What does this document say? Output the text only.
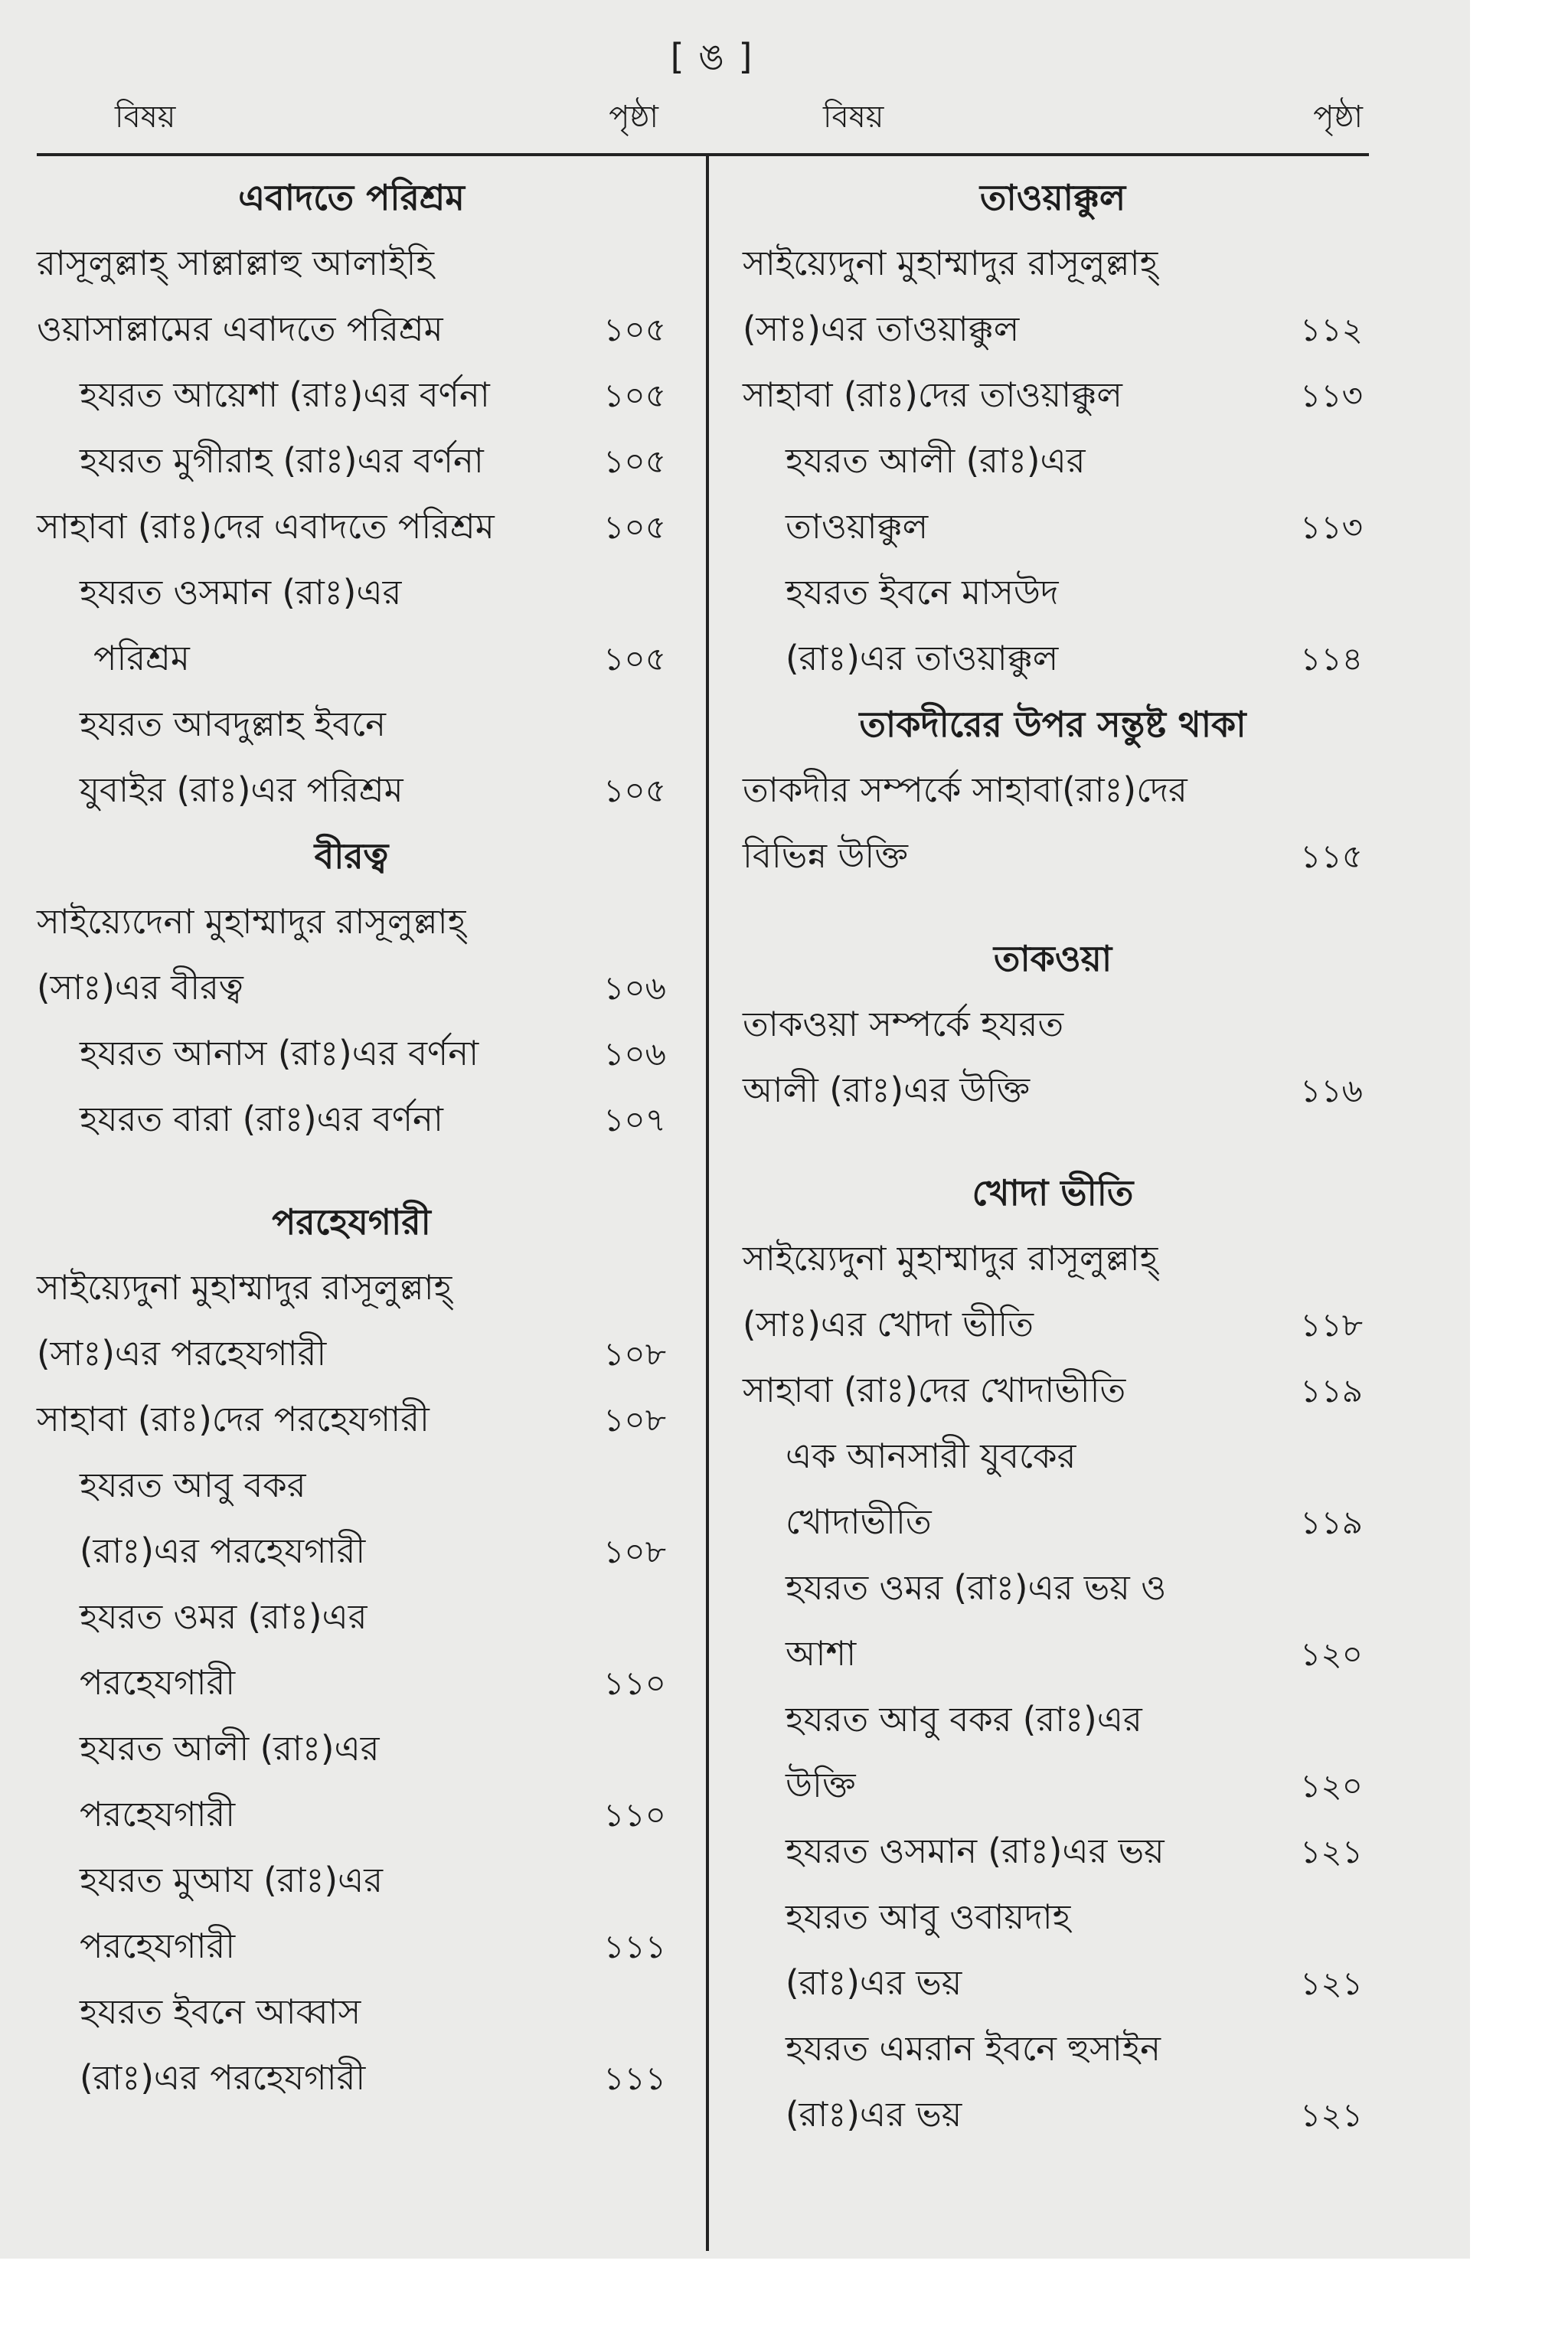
[ ঙ ]
বিষয়	পৃষ্ঠা	বিষয়	পৃষ্ঠা
এবাদতে পরিশ্রম
রাসূলুল্লাহ্ সাল্লাল্লাহু আলাইহি
ওয়াসাল্লামের এবাদতে পরিশ্রম	১০৫
হযরত আয়েশা (রাঃ)এর বর্ণনা	১০৫
হযরত মুগীরাহ (রাঃ)এর বর্ণনা	১০৫
সাহাবা (রাঃ)দের এবাদতে পরিশ্রম	১০৫
হযরত ওসমান (রাঃ)এর
পরিশ্রম	১০৫
হযরত আবদুল্লাহ ইবনে
যুবাইর (রাঃ)এর পরিশ্রম	১০৫
বীরত্ব
সাইয়্যেদেনা মুহাম্মাদুর রাসূলুল্লাহ্
(সাঃ)এর বীরত্ব	১০৬
হযরত আনাস (রাঃ)এর বর্ণনা	১০৬
হযরত বারা (রাঃ)এর বর্ণনা	১০৭
পরহেযগারী
সাইয়্যেদুনা মুহাম্মাদুর রাসূলুল্লাহ্
(সাঃ)এর পরহেযগারী	১০৮
সাহাবা (রাঃ)দের পরহেযগারী	১০৮
হযরত আবু বকর
(রাঃ)এর পরহেযগারী	১০৮
হযরত ওমর (রাঃ)এর
পরহেযগারী	১১০
হযরত আলী (রাঃ)এর
পরহেযগারী	১১০
হযরত মুআয (রাঃ)এর
পরহেযগারী	১১১
হযরত ইবনে আব্বাস
(রাঃ)এর পরহেযগারী	১১১
তাওয়াক্কুল
সাইয়্যেদুনা মুহাম্মাদুর রাসূলুল্লাহ্
(সাঃ)এর তাওয়াক্কুল	১১২
সাহাবা (রাঃ)দের তাওয়াক্কুল	১১৩
হযরত আলী (রাঃ)এর
তাওয়াক্কুল	১১৩
হযরত ইবনে মাসউদ
(রাঃ)এর তাওয়াক্কুল	১১৪
তাকদীরের উপর সন্তুষ্ট থাকা
তাকদীর সম্পর্কে সাহাবা(রাঃ)দের
বিভিন্ন উক্তি	১১৫
তাকওয়া
তাকওয়া সম্পর্কে হযরত
আলী (রাঃ)এর উক্তি	১১৬
খোদা ভীতি
সাইয়্যেদুনা মুহাম্মাদুর রাসূলুল্লাহ্
(সাঃ)এর খোদা ভীতি	১১৮
সাহাবা (রাঃ)দের খোদাভীতি	১১৯
এক আনসারী যুবকের
খোদাভীতি	১১৯
হযরত ওমর (রাঃ)এর ভয় ও
আশা	১২০
হযরত আবু বকর (রাঃ)এর
উক্তি	১২০
হযরত ওসমান (রাঃ)এর ভয়	১২১
হযরত আবু ওবায়দাহ
(রাঃ)এর ভয়	১২১
হযরত এমরান ইবনে হুসাইন
(রাঃ)এর ভয়	১২১
